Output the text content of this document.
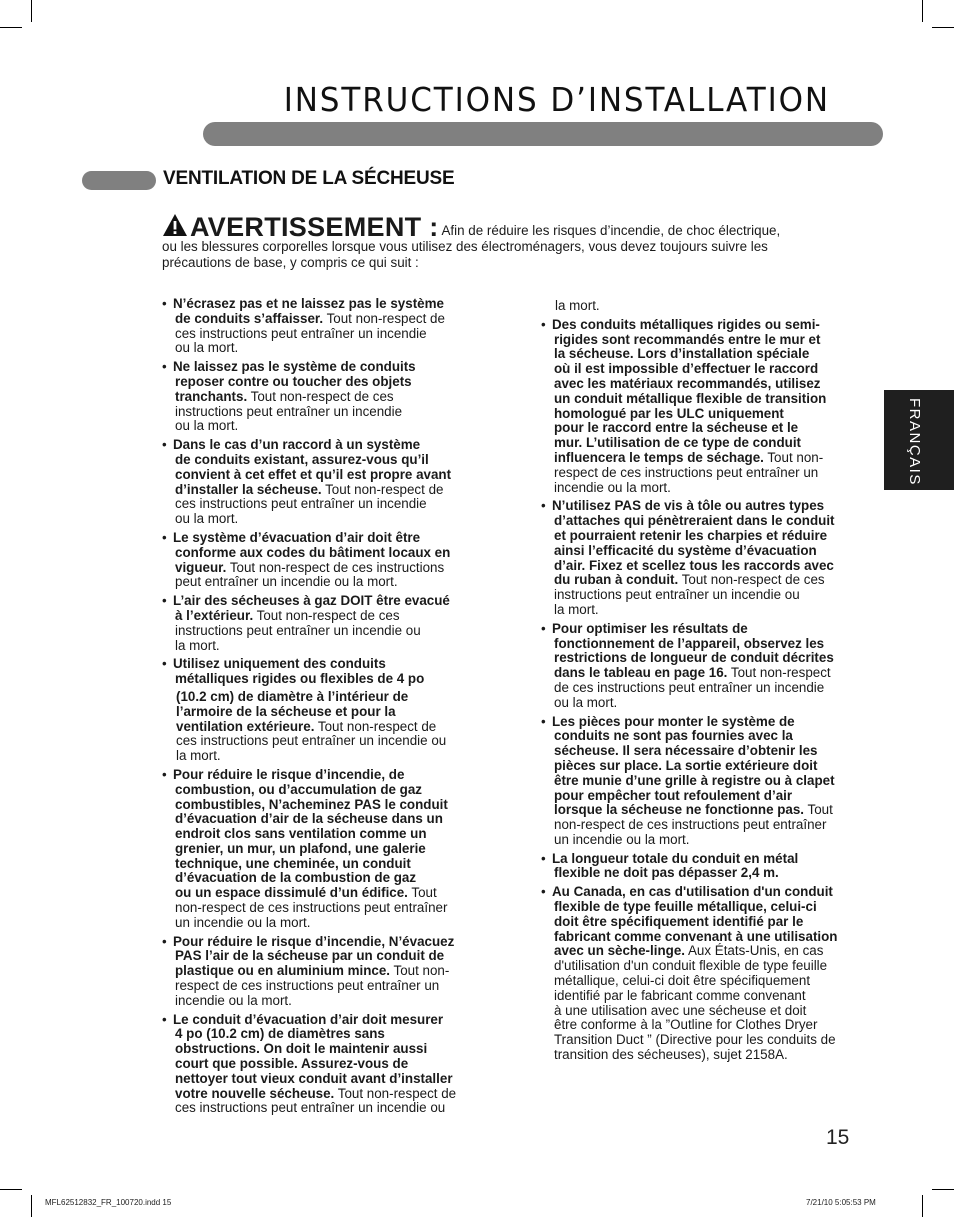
INSTRUCTIONS D’INSTALLATION
VENTILATION DE LA SÉCHEUSE
AVERTISSEMENT : Afin de réduire les risques d’incendie, de choc électrique,
ou les blessures corporelles lorsque vous utilisez des électroménagers, vous devez toujours suivre les
précautions de base, y compris ce qui suit :
• N’écrasez pas et ne laissez pas le système
de conduits s’affaisser. Tout non-respect de
ces instructions peut entraîner un incendie
ou la mort.
• Ne laissez pas le système de conduits
reposer contre ou toucher des objets
tranchants. Tout non-respect de ces
instructions peut entraîner un incendie
ou la mort.
• Dans le cas d’un raccord à un système
de conduits existant, assurez-vous qu’il
convient à cet effet et qu’il est propre avant
d’installer la sécheuse. Tout non-respect de
ces instructions peut entraîner un incendie
ou la mort.
• Le système d’évacuation d’air doit être
conforme aux codes du bâtiment locaux en
vigueur. Tout non-respect de ces instructions
peut entraîner un incendie ou la mort.
• L’air des sécheuses à gaz DOIT être evacué
à l’extérieur. Tout non-respect de ces
instructions peut entraîner un incendie ou
la mort.
• Utilisez uniquement des conduits
métalliques rigides ou flexibles de 4 po
(10.2 cm) de diamètre à l’intérieur de
l’armoire de la sécheuse et pour la
ventilation extérieure. Tout non-respect de
ces instructions peut entraîner un incendie ou
la mort.
• Pour réduire le risque d’incendie, de
combustion, ou d’accumulation de gaz
combustibles, N’acheminez PAS le conduit
d’évacuation d’air de la sécheuse dans un
endroit clos sans ventilation comme un
grenier, un mur, un plafond, une galerie
technique, une cheminée, un conduit
d’évacuation de la combustion de gaz
ou un espace dissimulé d’un édifice. Tout
non-respect de ces instructions peut entraîner
un incendie ou la mort.
• Pour réduire le risque d’incendie, N’évacuez
PAS l’air de la sécheuse par un conduit de
plastique ou en aluminium mince. Tout non-
respect de ces instructions peut entraîner un
incendie ou la mort.
• Le conduit d’évacuation d’air doit mesurer
4 po (10.2 cm) de diamètres sans
obstructions. On doit le maintenir aussi
court que possible. Assurez-vous de
nettoyer tout vieux conduit avant d’installer
votre nouvelle sécheuse. Tout non-respect de
ces instructions peut entraîner un incendie ou
la mort.
• Des conduits métalliques rigides ou semi-
rigides sont recommandés entre le mur et
la sécheuse. Lors d’installation spéciale
où il est impossible d’effectuer le raccord
avec les matériaux recommandés, utilisez
un conduit métallique flexible de transition
homologué par les ULC uniquement
pour le raccord entre la sécheuse et le
mur. L’utilisation de ce type de conduit
influencera le temps de séchage. Tout non-
respect de ces instructions peut entraîner un
incendie ou la mort.
• N’utilisez PAS de vis à tôle ou autres types
d’attaches qui pénètreraient dans le conduit
et pourraient retenir les charpies et réduire
ainsi l’efficacité du système d’évacuation
d’air. Fixez et scellez tous les raccords avec
du ruban à conduit. Tout non-respect de ces
instructions peut entraîner un incendie ou
la mort.
• Pour optimiser les résultats de
fonctionnement de l’appareil, observez les
restrictions de longueur de conduit décrites
dans le tableau en page 16. Tout non-respect
de ces instructions peut entraîner un incendie
ou la mort.
• Les pièces pour monter le système de
conduits ne sont pas fournies avec la
sécheuse. Il sera nécessaire d’obtenir les
pièces sur place. La sortie extérieure doit
être munie d’une grille à registre ou à clapet
pour empêcher tout refoulement d’air
lorsque la sécheuse ne fonctionne pas. Tout
non-respect de ces instructions peut entraîner
un incendie ou la mort.
• La longueur totale du conduit en métal
flexible ne doit pas dépasser 2,4 m.
• Au Canada, en cas d'utilisation d'un conduit
flexible de type feuille métallique, celui-ci
doit être spécifiquement identifié par le
fabricant comme convenant à une utilisation
avec un sèche-linge. Aux États-Unis, en cas
d'utilisation d'un conduit flexible de type feuille
métallique, celui-ci doit être spécifiquement
identifié par le fabricant comme convenant
à une utilisation avec une sécheuse et doit
être conforme à la ”Outline for Clothes Dryer
Transition Duct ” (Directive pour les conduits de
transition des sécheuses), sujet 2158A.
FRANÇAIS
15
MFL62512832_FR_100720.indd 15	7/21/10 5:05:53 PM
